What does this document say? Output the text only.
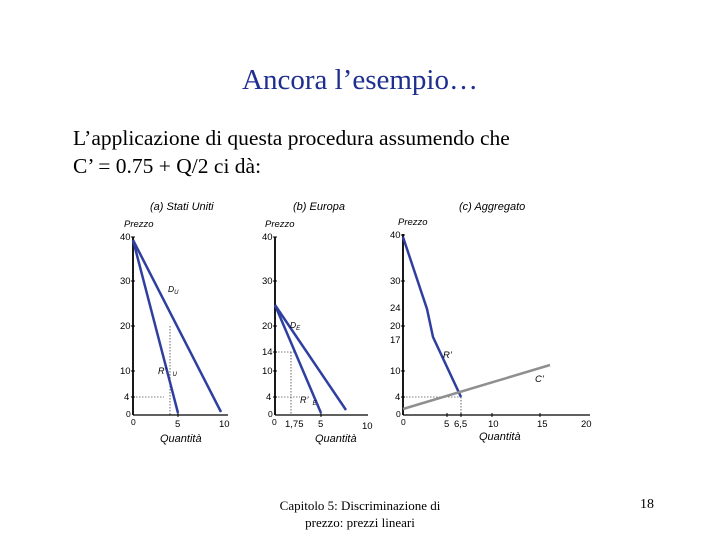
Ancora l’esempio…
L’applicazione di questa procedura assumendo che
C’ = 0.75 + Q/2 ci dà:
(a) Stati Uniti
Prezzo
40
30
20
10
4
0
0	5	10
$D_U$
R’ $_U$
Quantità
(b) Europa
Prezzo
40
30
20
14
10
4
0
0 1,75 5	10
$D_E$
R’ $_E$
Quantità
(c) Aggregato
Prezzo
40
30
24
20
17
10
4
0
0	5 6,5 10	15	20
R’
C’
Quantità
Capitolo 5: Discriminazione di
prezzo: prezzi lineari
18
